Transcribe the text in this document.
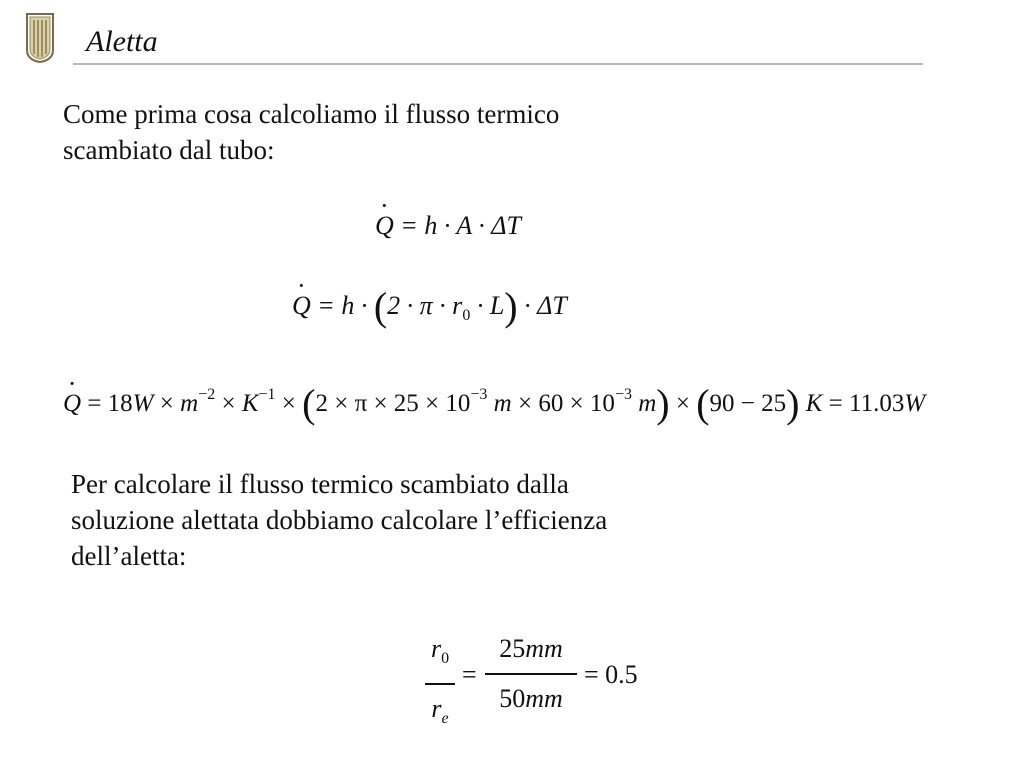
Aletta

Come prima cosa calcoliamo il flusso termico
scambiato dal tubo:

· Q = h · A · ΔT
· $Q = h \cdot (2 \cdot \pi \cdot r_0 \cdot L) \cdot \Delta T$
· $Q = 18W \times m^{-2} \times K^{-1} \times (2 \times \pi \times 25 \times 10^{-3}$ $m \times 60 \times 10^{-3}$ m) × (90 − 25) K = 11.03W

Per calcolare il flusso termico scambiato dalla
soluzione alettata dobbiamo calcolare l’efficienza
dell’aletta:

$r_0$
$r_e$
=
25mm
50mm
= 0.5
